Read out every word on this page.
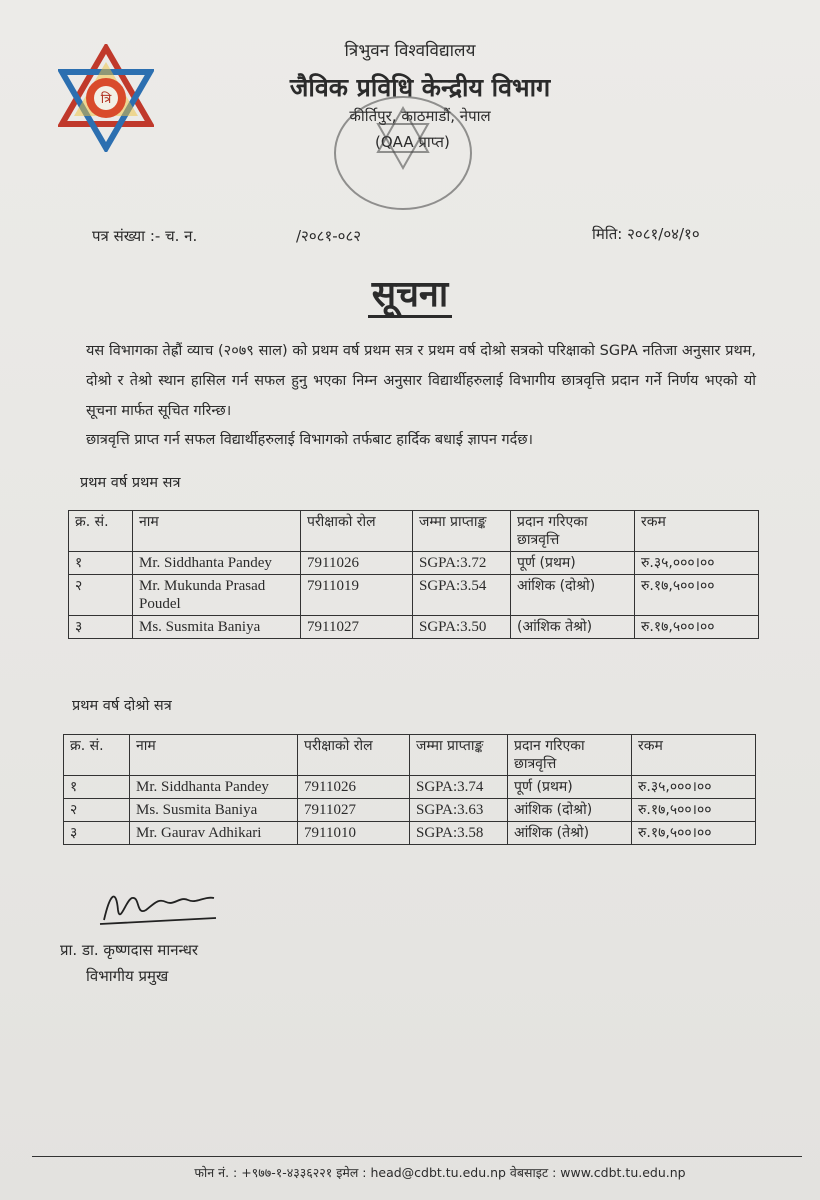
त्रि
त्रिभुवन विश्वविद्यालय
जैविक प्रविधि केन्द्रीय विभाग
कीर्तिपुर, काठमाडौं, नेपाल
(QAA प्राप्त)
पत्र संख्या :- च. न.	/२०८१-०८२	मिति: २०८१/०४/१०
सूचना
यस विभागका तेह्रौं व्याच (२०७९ साल) को प्रथम वर्ष प्रथम सत्र र प्रथम वर्ष दोश्रो सत्रको परिक्षाको SGPA नतिजा अनुसार प्रथम, दोश्रो र तेश्रो स्थान हासिल गर्न सफल हुनु भएका निम्न अनुसार विद्यार्थीहरुलाई विभागीय छात्रवृत्ति प्रदान गर्ने निर्णय भएको यो सूचना मार्फत सूचित गरिन्छ।
छात्रवृत्ति प्राप्त गर्न सफल विद्यार्थीहरुलाई विभागको तर्फबाट हार्दिक बधाई ज्ञापन गर्दछ।
प्रथम वर्ष प्रथम सत्र
क्र. सं.	नाम	परीक्षाको रोल	जम्मा प्राप्ताङ्क	प्रदान गरिएका छात्रवृत्ति	रकम
१	Mr. Siddhanta Pandey	7911026	SGPA:3.72	पूर्ण (प्रथम)	रु.३५,०००।००
२	Mr. Mukunda Prasad Poudel	7911019	SGPA:3.54	आंशिक (दोश्रो)	रु.१७,५००।००
३	Ms. Susmita Baniya	7911027	SGPA:3.50	(आंशिक तेश्रो)	रु.१७,५००।००
प्रथम वर्ष दोश्रो सत्र
क्र. सं.	नाम	परीक्षाको रोल	जम्मा प्राप्ताङ्क	प्रदान गरिएका छात्रवृत्ति	रकम
१	Mr. Siddhanta Pandey	7911026	SGPA:3.74	पूर्ण (प्रथम)	रु.३५,०००।००
२	Ms. Susmita Baniya	7911027	SGPA:3.63	आंशिक (दोश्रो)	रु.१७,५००।००
३	Mr. Gaurav Adhikari	7911010	SGPA:3.58	आंशिक (तेश्रो)	रु.१७,५००।००
प्रा. डा. कृष्णदास मानन्धर
विभागीय प्रमुख
फोन नं. : +९७७-१-४३३६२२१ इमेल : head@cdbt.tu.edu.np वेबसाइट : www.cdbt.tu.edu.np
